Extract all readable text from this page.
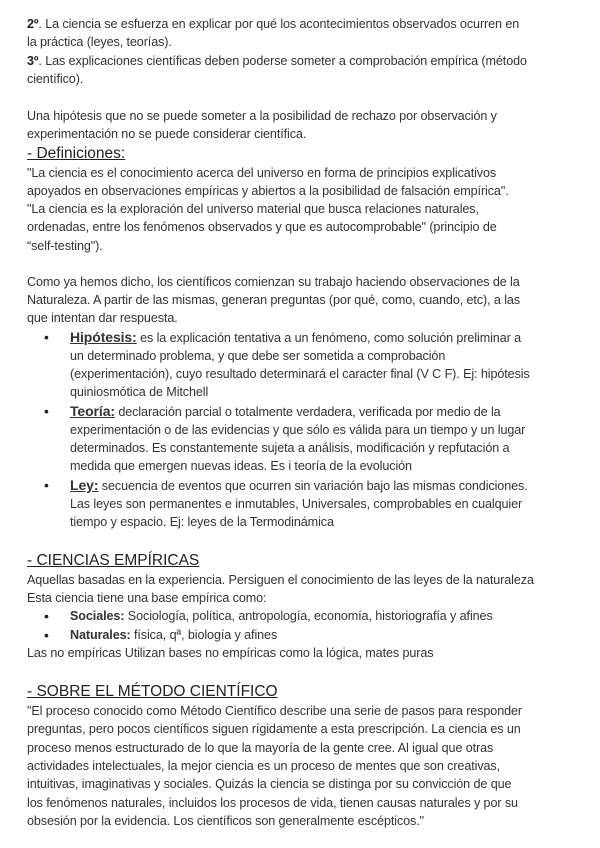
2º. La ciencia se esfuerza en explicar por qué los acontecimientos observados ocurren en
la práctica (leyes, teorías).
3º. Las explicaciones científicas deben poderse someter a comprobación empírica (método
científico).
Una hipótesis que no se puede someter a la posibilidad de rechazo por observación y
experimentación no se puede considerar científica.
- Definiciones:
"La ciencia es el conocimiento acerca del universo en forma de principios explicativos
apoyados en observaciones empíricas y abiertos a la posibilidad de falsación empírica".
"La ciencia es la exploración del universo material que busca relaciones naturales,
ordenadas, entre los fenómenos observados y que es autocomprobable" (principio de
“self-testing").
Como ya hemos dicho, los científicos comienzan su trabajo haciendo observaciones de la
Naturaleza. A partir de las mismas, generan preguntas (por qué, como, cuando, etc), a las
que intentan dar respuesta.
• Hipótesis: es la explicación tentativa a un fenómeno, como solución preliminar a
un determinado problema, y que debe ser sometida a comprobación
(experimentación), cuyo resultado determinará el caracter final (V C F). Ej: hipótesis
quiniosmótica de Mitchell
• Teoría: declaración parcial o totalmente verdadera, verificada por medio de la
experimentación o de las evidencias y que sólo es válida para un tiempo y un lugar
determinados. Es constantemente sujeta a análisis, modificación y repfutación a
medida que emergen nuevas ideas. Es i teoría de la evolución
• Ley: secuencia de eventos que ocurren sin variación bajo las mismas condiciones.
Las leyes son permanentes e inmutables, Universales, comprobables en cualquier
tiempo y espacio. Ej: leyes de la Termodinámica
- CIENCIAS EMPÍRICAS
Aquellas basadas en la experiencia. Persiguen el conocimiento de las leyes de la naturaleza
Esta ciencia tiene una base empírica como:
• Sociales: Sociología, política, antropología, economía, historiografía y afines
• Naturales: física, qª, biología y afines
Las no empíricas Utilizan bases no empíricas como la lógica, mates puras
- SOBRE EL MÉTODO CIENTÍFICO
"El proceso conocido como Método Científico describe una serie de pasos para responder
preguntas, pero pocos científicos siguen rígidamente a esta prescripción. La ciencia es un
proceso menos estructurado de lo que la mayoría de la gente cree. Al igual que otras
actividades intelectuales, la mejor ciencia es un proceso de mentes que son creativas,
intuitivas, imaginativas y sociales. Quizás la ciencia se distinga por su convicción de que
los fenómenos naturales, incluidos los procesos de vida, tienen causas naturales y por su
obsesión por la evidencia. Los científicos son generalmente escépticos."
